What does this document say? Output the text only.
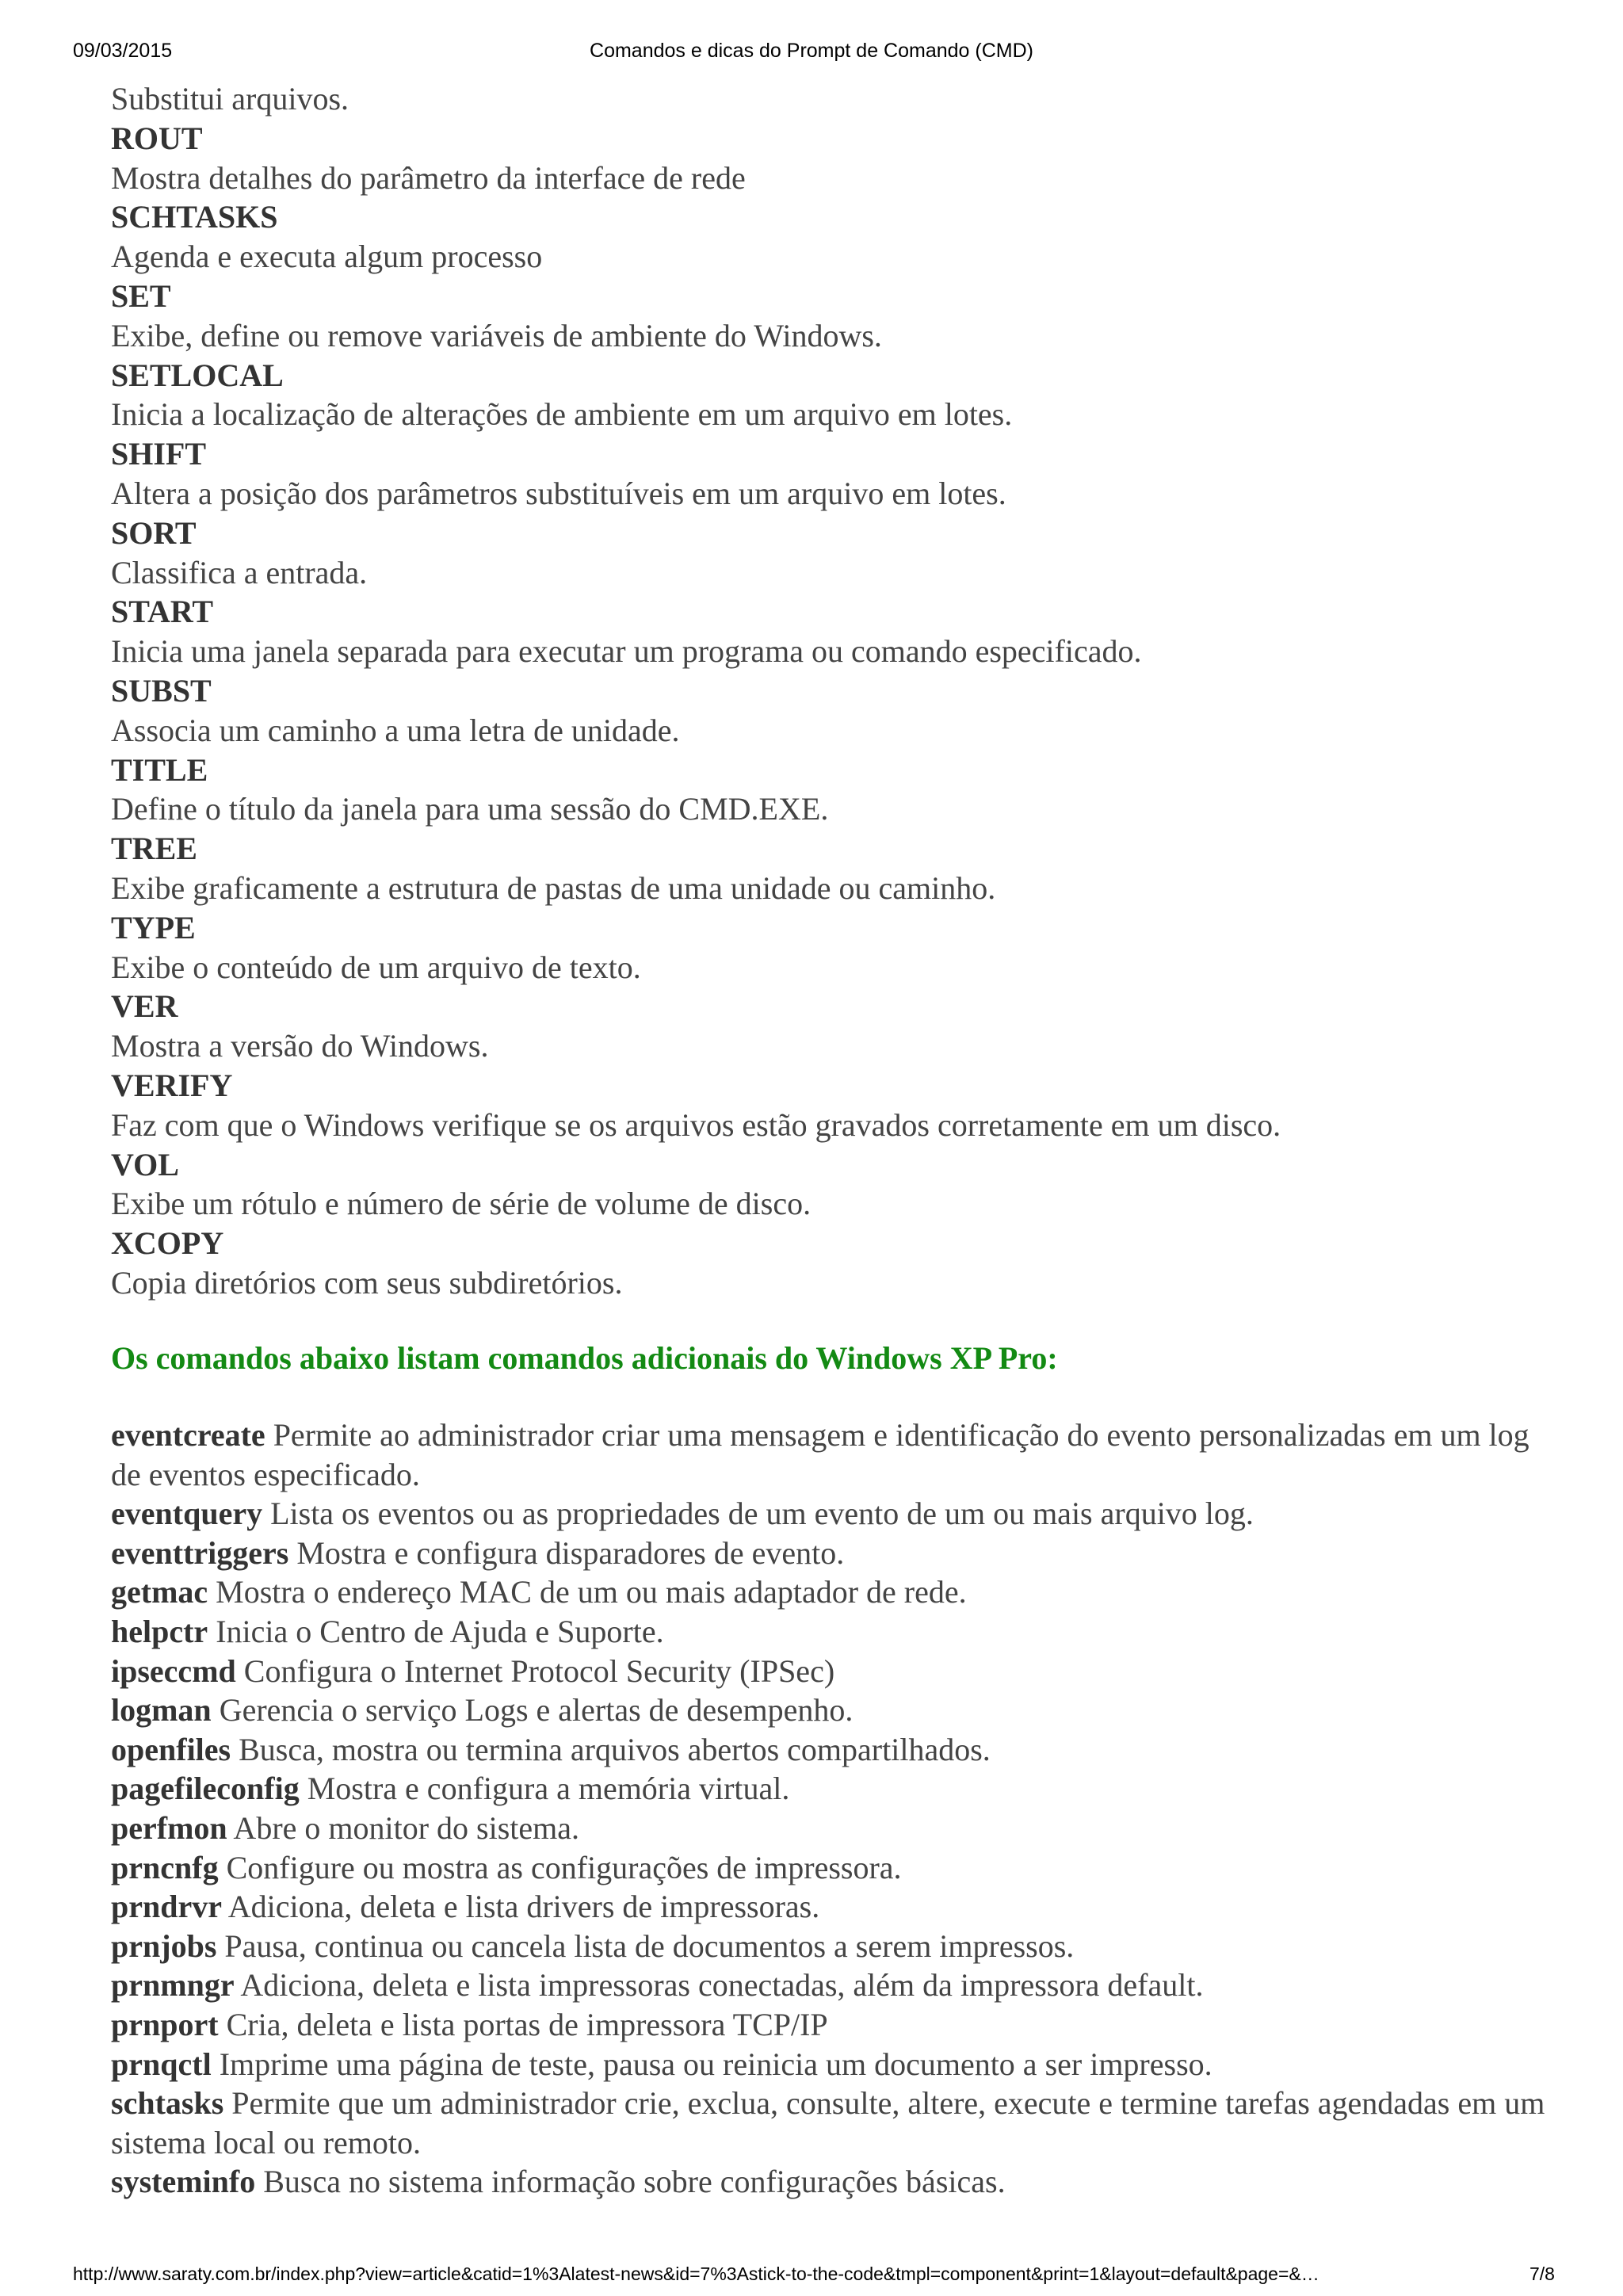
09/03/2015	Comandos e dicas do Prompt de Comando (CMD)
Substitui arquivos.
ROUT
Mostra detalhes do parâmetro da interface de rede
SCHTASKS
Agenda e executa algum processo
SET
Exibe, define ou remove variáveis de ambiente do Windows.
SETLOCAL
Inicia a localização de alterações de ambiente em um arquivo em lotes.
SHIFT
Altera a posição dos parâmetros substituíveis em um arquivo em lotes.
SORT
Classifica a entrada.
START
Inicia uma janela separada para executar um programa ou comando especificado.
SUBST
Associa um caminho a uma letra de unidade.
TITLE
Define o título da janela para uma sessão do CMD.EXE.
TREE
Exibe graficamente a estrutura de pastas de uma unidade ou caminho.
TYPE
Exibe o conteúdo de um arquivo de texto.
VER
Mostra a versão do Windows.
VERIFY
Faz com que o Windows verifique se os arquivos estão gravados corretamente em um disco.
VOL
Exibe um rótulo e número de série de volume de disco.
XCOPY
Copia diretórios com seus subdiretórios.
Os comandos abaixo listam comandos adicionais do Windows XP Pro:
eventcreate Permite ao administrador criar uma mensagem e identificação do evento personalizadas em um log de eventos especificado.
eventquery Lista os eventos ou as propriedades de um evento de um ou mais arquivo log.
eventtriggers Mostra e configura disparadores de evento.
getmac Mostra o endereço MAC de um ou mais adaptador de rede.
helpctr Inicia o Centro de Ajuda e Suporte.
ipseccmd Configura o Internet Protocol Security (IPSec)
logman Gerencia o serviço Logs e alertas de desempenho.
openfiles Busca, mostra ou termina arquivos abertos compartilhados.
pagefileconfig Mostra e configura a memória virtual.
perfmon Abre o monitor do sistema.
prncnfg Configure ou mostra as configurações de impressora.
prndrvr Adiciona, deleta e lista drivers de impressoras.
prnjobs Pausa, continua ou cancela lista de documentos a serem impressos.
prnmngr Adiciona, deleta e lista impressoras conectadas, além da impressora default.
prnport Cria, deleta e lista portas de impressora TCP/IP
prnqctl Imprime uma página de teste, pausa ou reinicia um documento a ser impresso.
schtasks Permite que um administrador crie, exclua, consulte, altere, execute e termine tarefas agendadas em um sistema local ou remoto.
systeminfo Busca no sistema informação sobre configurações básicas.
http://www.saraty.com.br/index.php?view=article&catid=1%3Alatest-news&id=7%3Astick-to-the-code&tmpl=component&print=1&layout=default&page=&…	7/8
